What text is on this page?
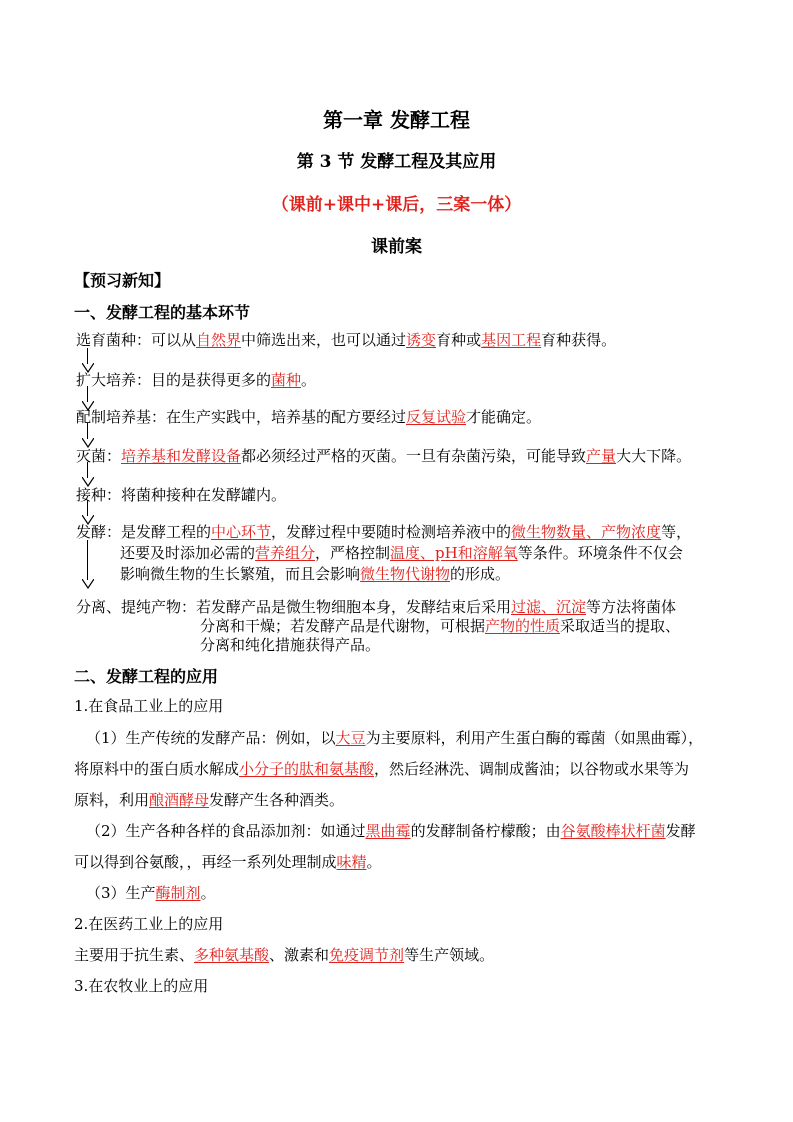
第一章 发酵工程
第 3 节 发酵工程及其应用
（课前+课中+课后，三案一体）
课前案
【预习新知】
一、发酵工程的基本环节
选育菌种：可以从自然界中筛选出来，也可以通过诱变育种或基因工程育种获得。
扩大培养：目的是获得更多的菌种。
配制培养基：在生产实践中，培养基的配方要经过反复试验才能确定。
灭菌：培养基和发酵设备都必须经过严格的灭菌。一旦有杂菌污染，可能导致产量大大下降。
接种：将菌种接种在发酵罐内。
发酵：是发酵工程的中心环节，发酵过程中要随时检测培养液中的微生物数量、产物浓度等，
还要及时添加必需的营养组分，严格控制温度、pH和溶解氧等条件。环境条件不仅会
影响微生物的生长繁殖，而且会影响微生物代谢物的形成。
分离、提纯产物：若发酵产品是微生物细胞本身，发酵结束后采用过滤、沉淀等方法将菌体
分离和干燥；若发酵产品是代谢物，可根据产物的性质采取适当的提取、
分离和纯化措施获得产品。
二、发酵工程的应用
1.在食品工业上的应用
（1）生产传统的发酵产品：例如，以大豆为主要原料，利用产生蛋白酶的霉菌（如黑曲霉），
将原料中的蛋白质水解成小分子的肽和氨基酸，然后经淋洗、调制成酱油；以谷物或水果等为
原料，利用酿酒酵母发酵产生各种酒类。
（2）生产各种各样的食品添加剂：如通过黑曲霉的发酵制备柠檬酸；由谷氨酸棒状杆菌发酵
可以得到谷氨酸，，再经一系列处理制成味精。
（3）生产酶制剂。
2.在医药工业上的应用
主要用于抗生素、多种氨基酸、激素和免疫调节剂等生产领域。
3.在农牧业上的应用
